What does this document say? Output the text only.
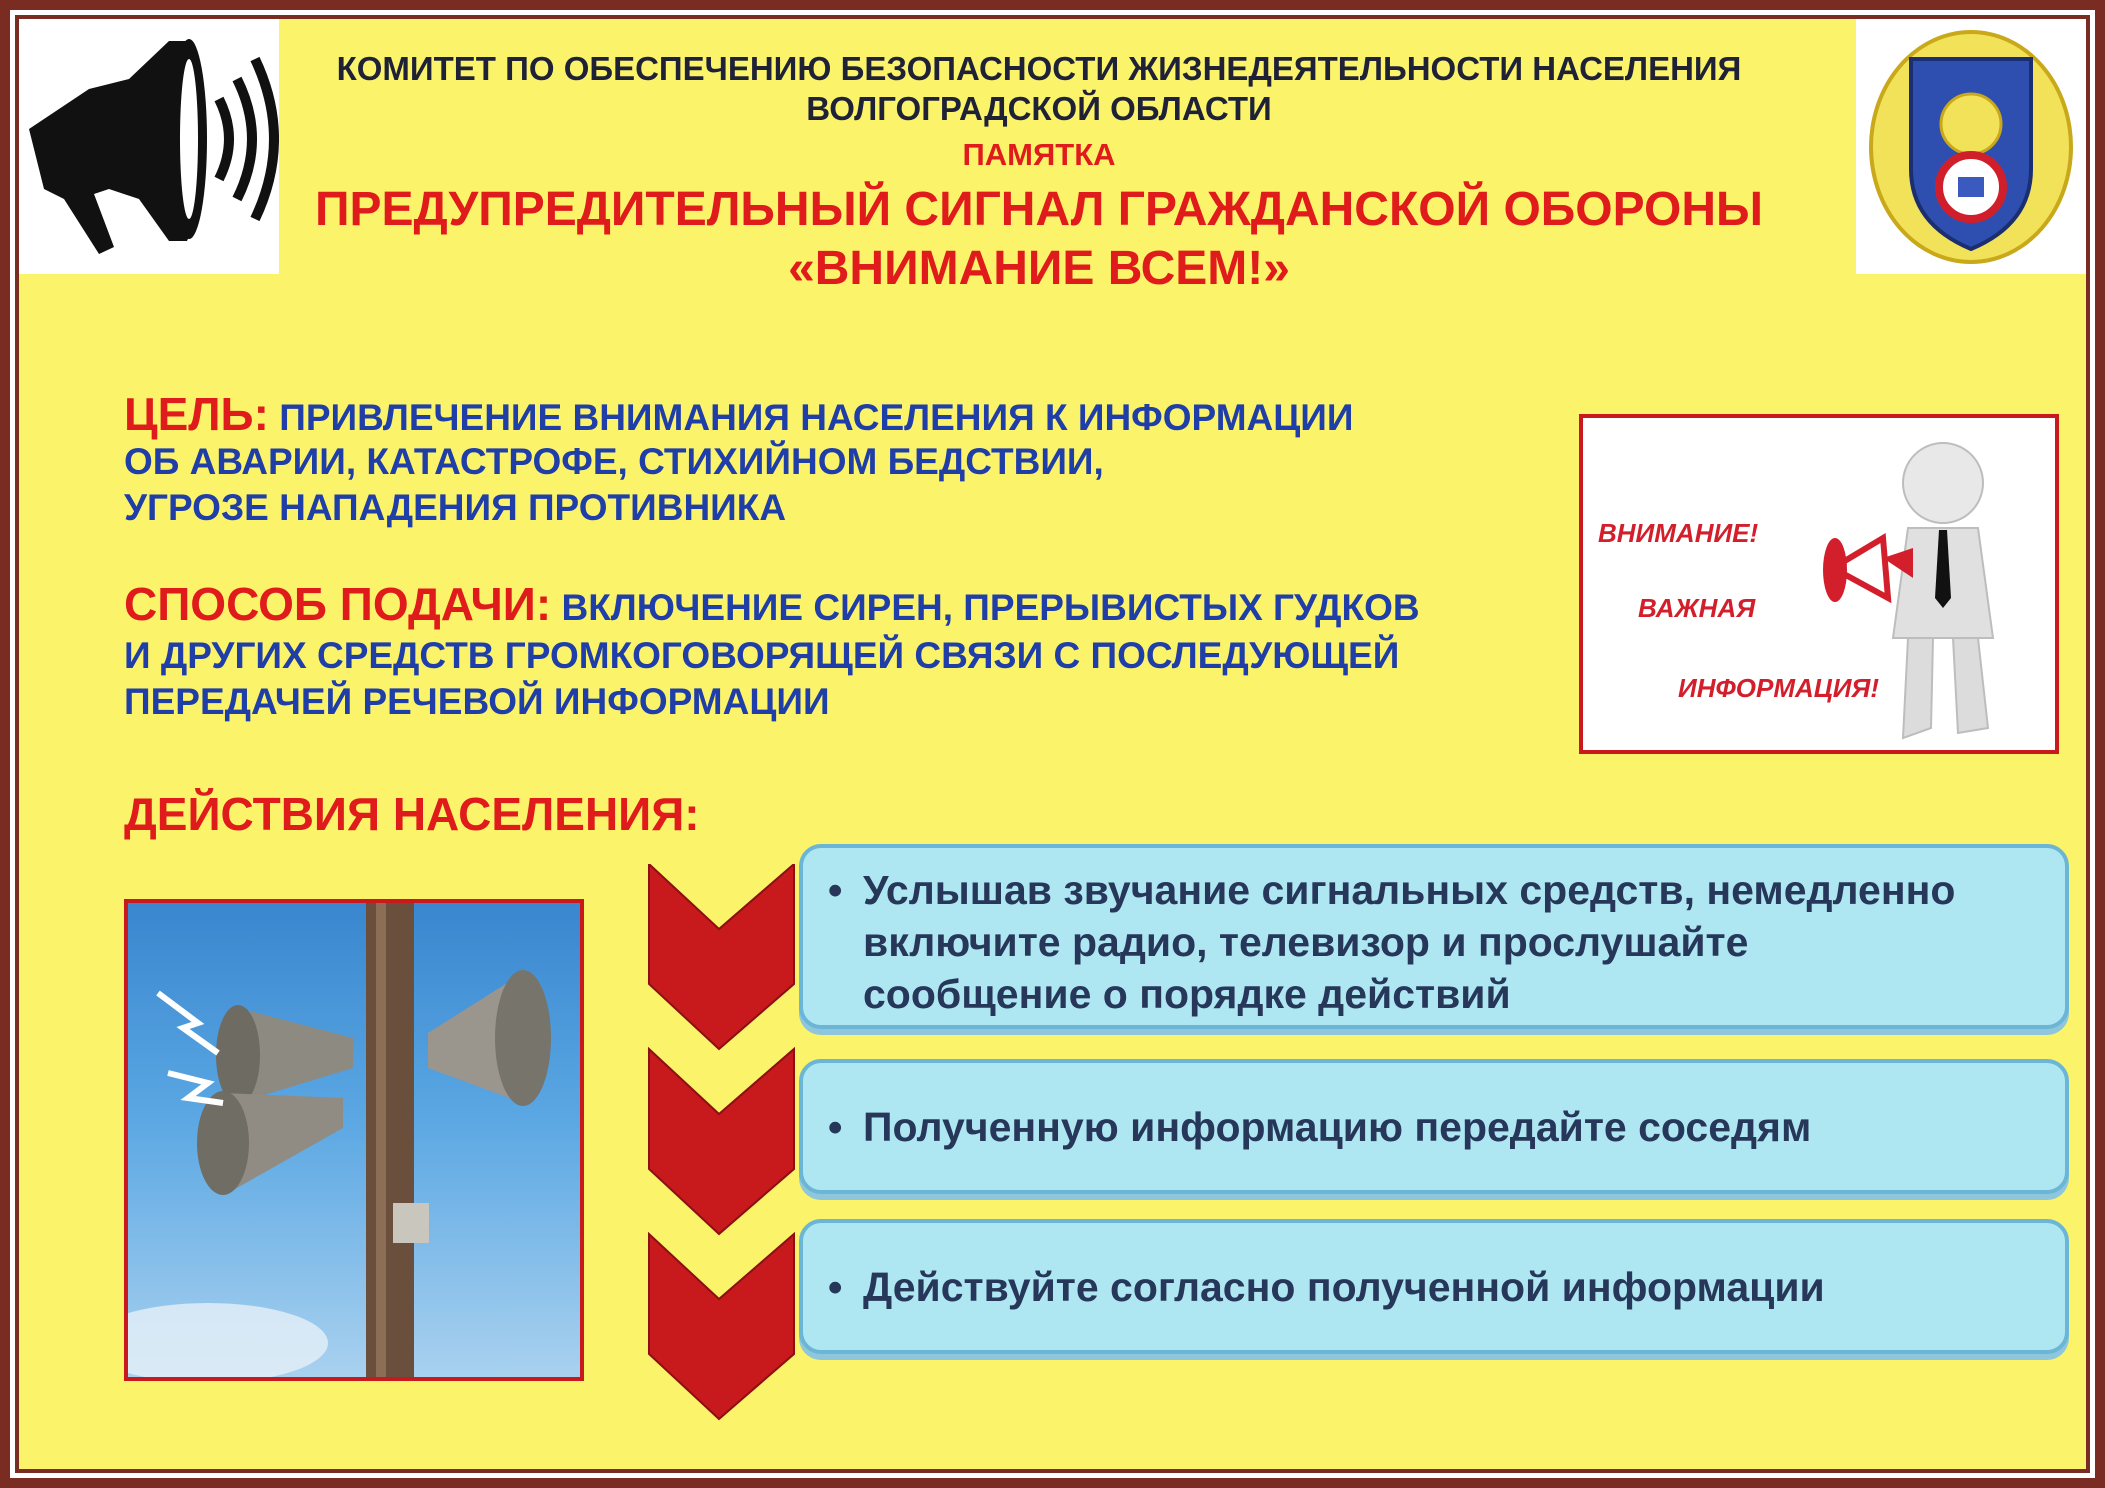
КОМИТЕТ ПО ОБЕСПЕЧЕНИЮ БЕЗОПАСНОСТИ ЖИЗНЕДЕЯТЕЛЬНОСТИ НАСЕЛЕНИЯ
ВОЛГОГРАДСКОЙ ОБЛАСТИ
ПАМЯТКА
ПРЕДУПРЕДИТЕЛЬНЫЙ СИГНАЛ ГРАЖДАНСКОЙ ОБОРОНЫ
«ВНИМАНИЕ ВСЕМ!»
ЦЕЛЬ: ПРИВЛЕЧЕНИЕ ВНИМАНИЯ НАСЕЛЕНИЯ К ИНФОРМАЦИИ
ОБ АВАРИИ, КАТАСТРОФЕ, СТИХИЙНОМ БЕДСТВИИ,
УГРОЗЕ НАПАДЕНИЯ ПРОТИВНИКА
СПОСОБ ПОДАЧИ: ВКЛЮЧЕНИЕ СИРЕН, ПРЕРЫВИСТЫХ ГУДКОВ
И ДРУГИХ СРЕДСТВ ГРОМКОГОВОРЯЩЕЙ СВЯЗИ С ПОСЛЕДУЮЩЕЙ
ПЕРЕДАЧЕЙ РЕЧЕВОЙ ИНФОРМАЦИИ
ДЕЙСТВИЯ НАСЕЛЕНИЯ:
ВНИМАНИЕ!
ВАЖНАЯ
ИНФОРМАЦИЯ!
• Услышав звучание сигнальных средств, немедленно
включите радио, телевизор и прослушайте
сообщение о порядке действий
• Полученную информацию передайте соседям
• Действуйте согласно полученной информации
